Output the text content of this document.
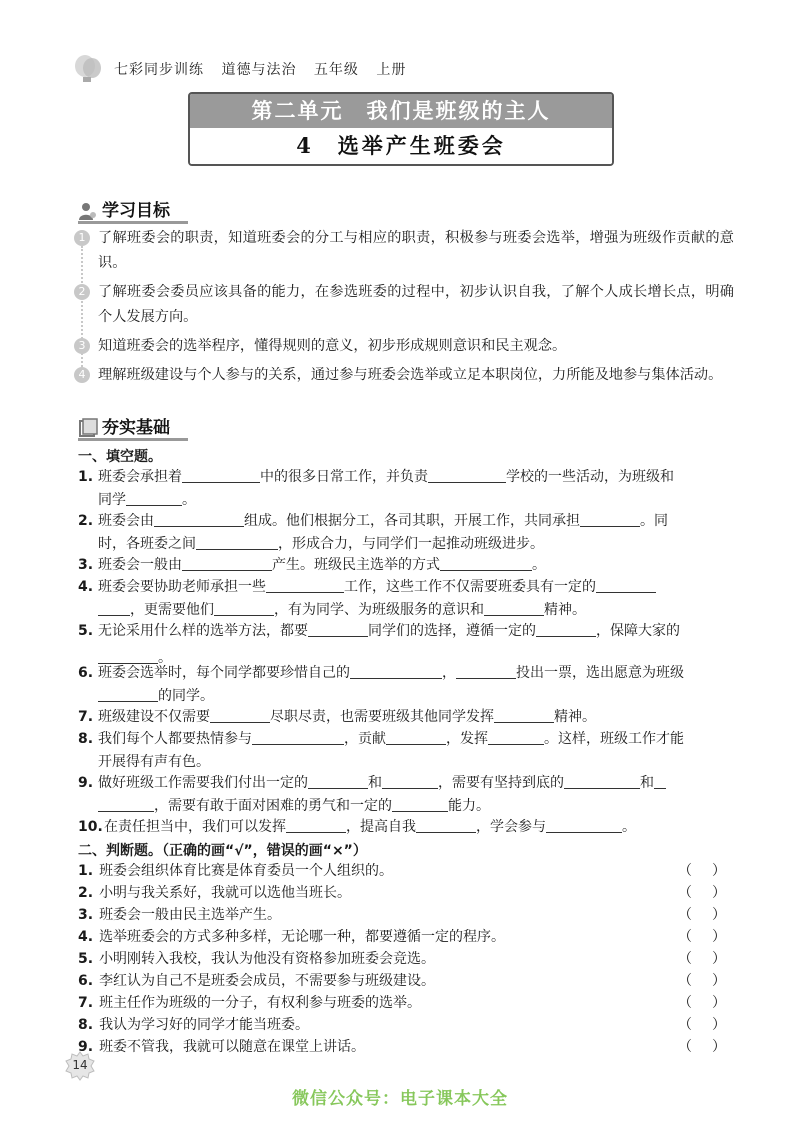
七彩同步训练 道德与法治 五年级 上册
第二单元　我们是班级的主人
4　选举产生班委会
学习目标
1 了解班委会的职责，知道班委会的分工与相应的职责，积极参与班委会选举，增强为班级作贡献的意识。
2 了解班委会委员应该具备的能力，在参选班委的过程中，初步认识自我，了解个人成长增长点，明确个人发展方向。
3 知道班委会的选举程序，懂得规则的意义，初步形成规则意识和民主观念。
4 理解班级建设与个人参与的关系，通过参与班委会选举或立足本职岗位，力所能及地参与集体活动。
夯实基础
一、填空题。
1. 班委会承担着	中的很多日常工作，并负责	学校的一些活动，为班级和
同学	。
2. 班委会由	组成。他们根据分工，各司其职，开展工作，共同承担	。同
时，各班委之间	，形成合力，与同学们一起推动班级进步。
3. 班委会一般由	产生。班级民主选举的方式	。
4. 班委会要协助老师承担一些	工作，这些工作不仅需要班委具有一定的
，更需要他们	，有为同学、为班级服务的意识和	精神。
5. 无论采用什么样的选举方法，都要	同学们的选择，遵循一定的	，保障大家的
。
6. 班委会选举时，每个同学都要珍惜自己的	，	投出一票，选出愿意为班级
的同学。
7. 班级建设不仅需要	尽职尽责，也需要班级其他同学发挥	精神。
8. 我们每个人都要热情参与	，贡献	，发挥	。这样，班级工作才能
开展得有声有色。
9. 做好班级工作需要我们付出一定的	和	，需要有坚持到底的	和
，需要有敢于面对困难的勇气和一定的	能力。
10. 在责任担当中，我们可以发挥	，提高自我	，学会参与	。
二、判断题。（正确的画“√”，错误的画“×”）
1. 班委会组织体育比赛是体育委员一个人组织的。	（ ）
2. 小明与我关系好，我就可以选他当班长。	（ ）
3. 班委会一般由民主选举产生。	（ ）
4. 选举班委会的方式多种多样，无论哪一种，都要遵循一定的程序。	（ ）
5. 小明刚转入我校，我认为他没有资格参加班委会竞选。	（ ）
6. 李红认为自己不是班委会成员，不需要参与班级建设。	（ ）
7. 班主任作为班级的一分子，有权利参与班委的选举。	（ ）
8. 我认为学习好的同学才能当班委。	（ ）
9. 班委不管我，我就可以随意在课堂上讲话。	（ ）
14
微信公众号：电子课本大全
